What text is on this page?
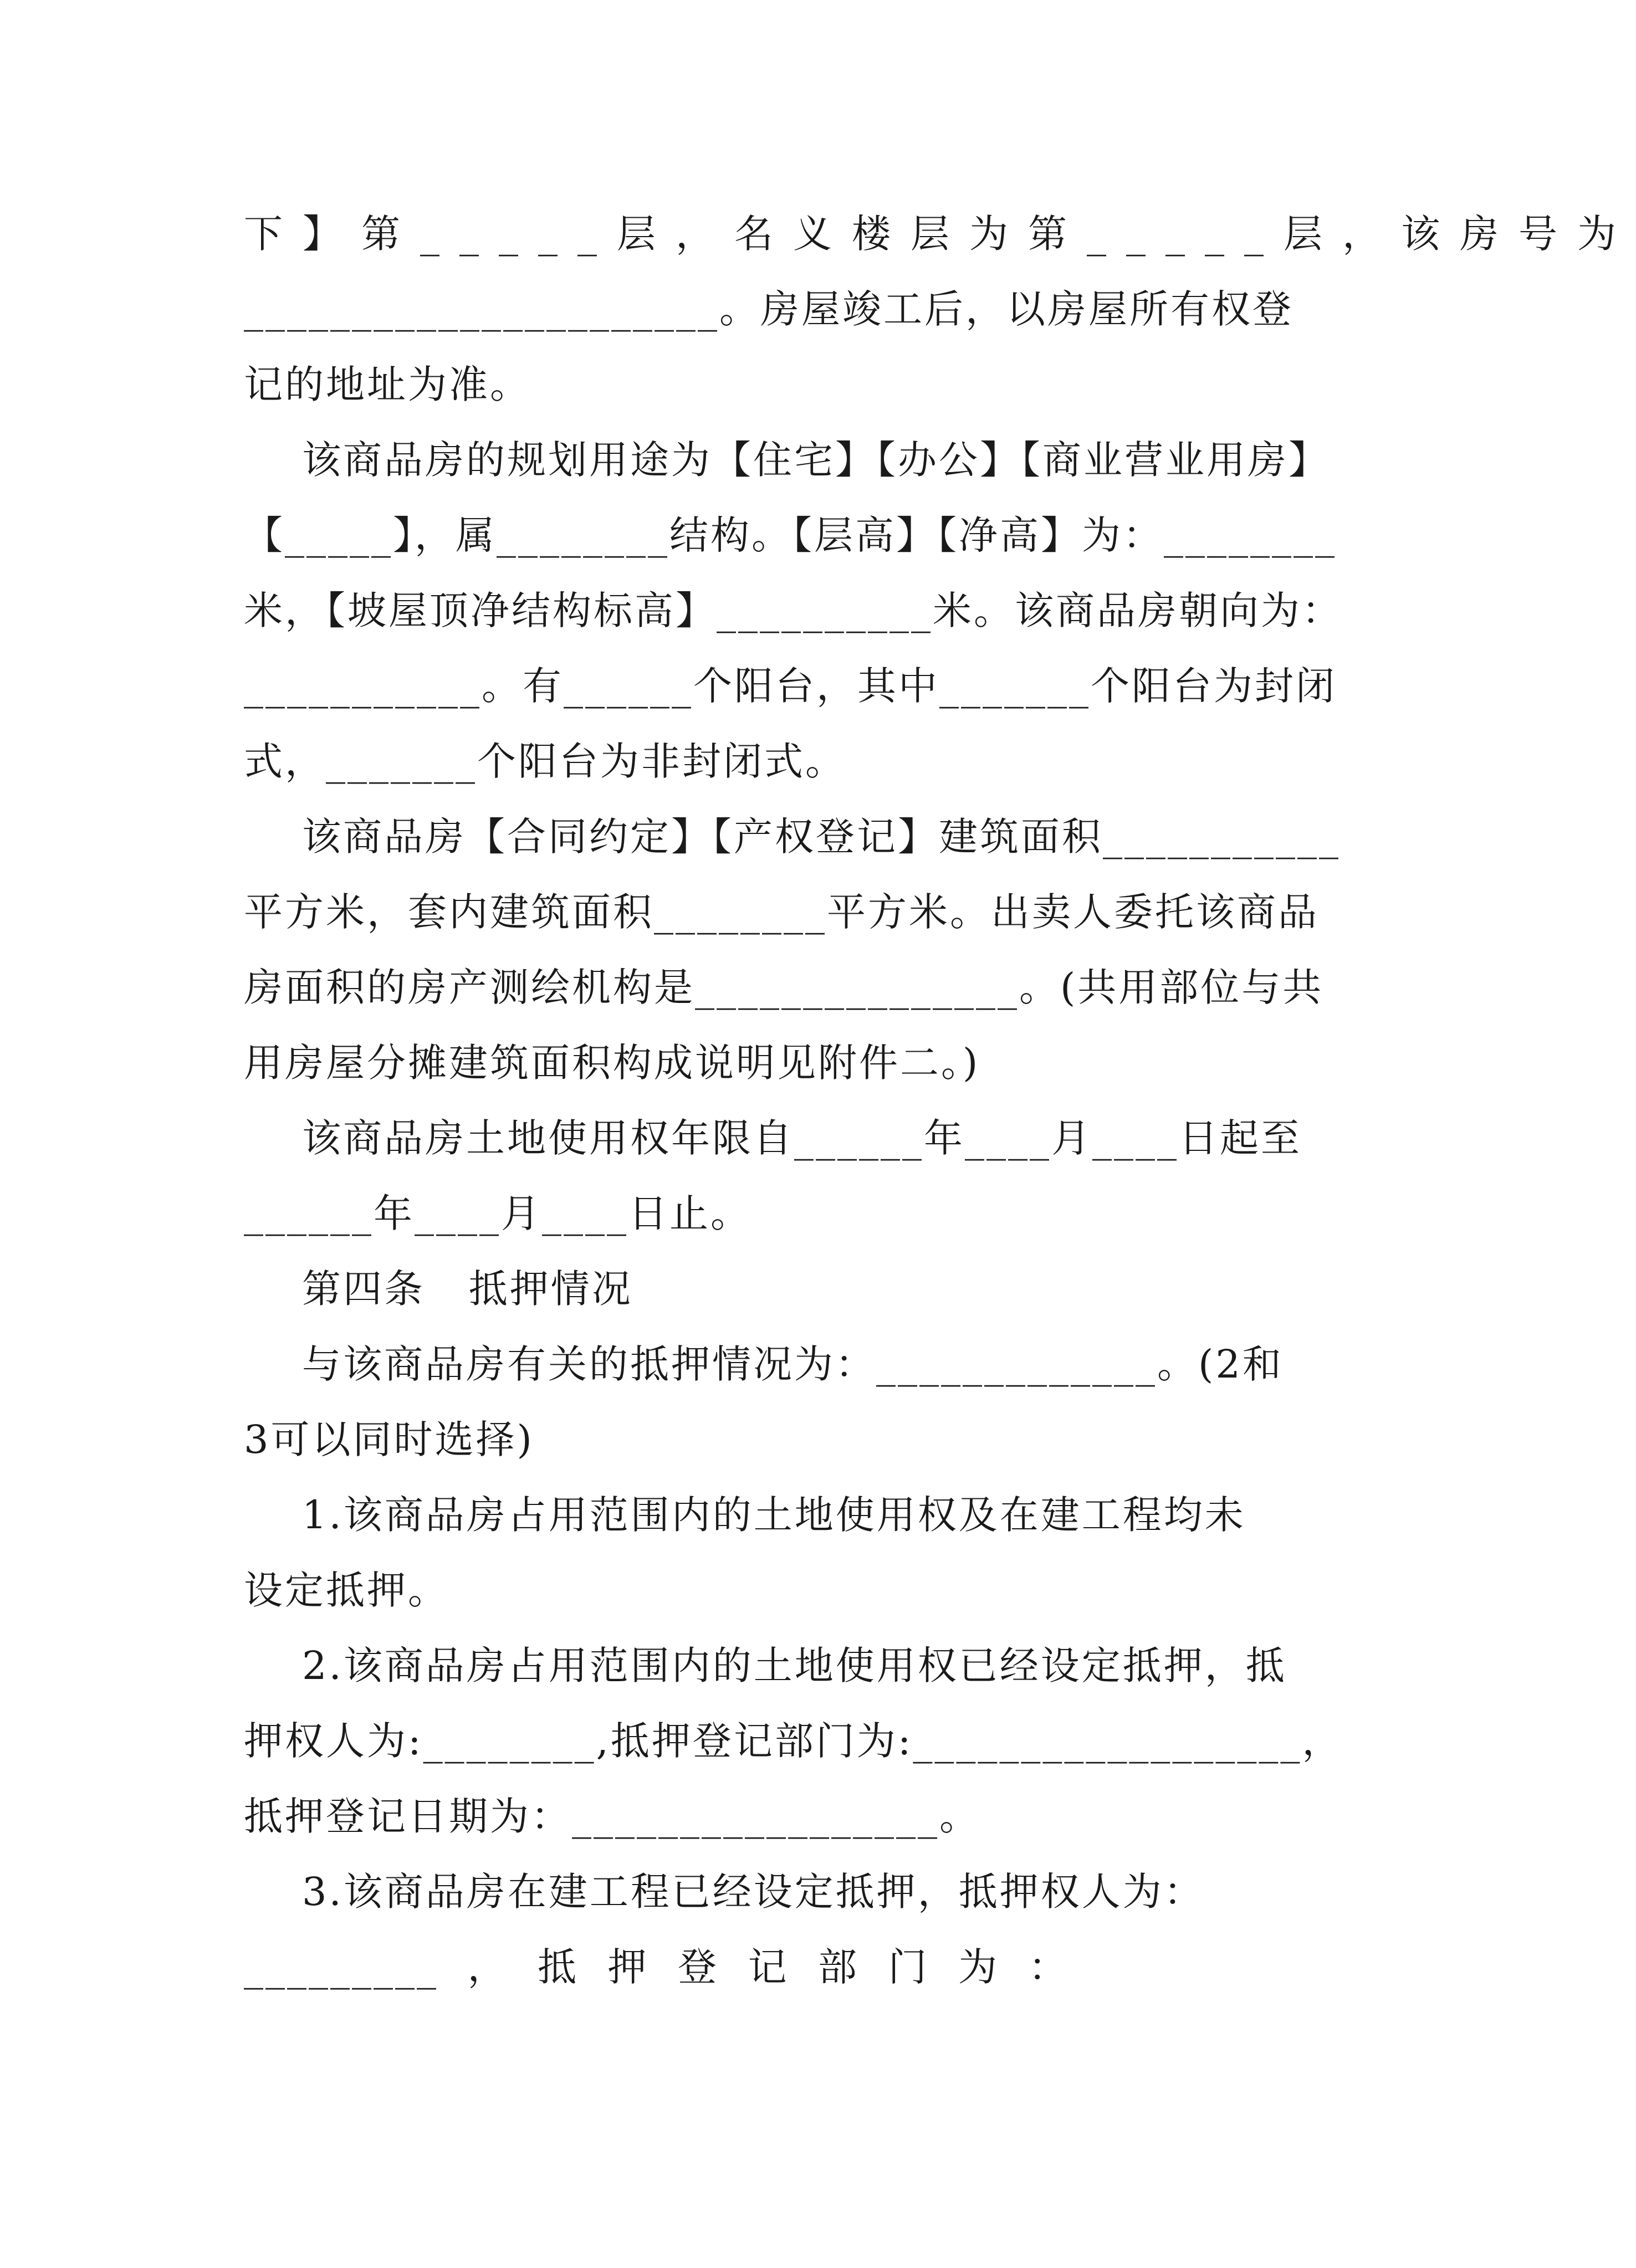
下】第_____层，名义楼层为第_____层，该房号为
______________________。房屋竣工后，以房屋所有权登
记的地址为准。
该商品房的规划用途为【住宅】【办公】【商业营业用房】
【_____】，属________结构。【层高】【净高】为：________
米，【坡屋顶净结构标高】__________米。该商品房朝向为：
___________。有______个阳台，其中_______个阳台为封闭
式，_______个阳台为非封闭式。
该商品房【合同约定】【产权登记】建筑面积___________
平方米，套内建筑面积________平方米。出卖人委托该商品
房面积的房产测绘机构是_______________。(共用部位与共
用房屋分摊建筑面积构成说明见附件二。)
该商品房土地使用权年限自______年____月____日起至
______年____月____日止。
第四条   抵押情况
与该商品房有关的抵押情况为：_____________。(2和
3可以同时选择)
1.该商品房占用范围内的土地使用权及在建工程均未
设定抵押。
2.该商品房占用范围内的土地使用权已经设定抵押，抵
押权人为:________,抵押登记部门为:__________________，
抵押登记日期为：_________________。
3.该商品房在建工程已经设定抵押，抵押权人为：
_________  ，  抵  押  登  记  部  门  为  ：
